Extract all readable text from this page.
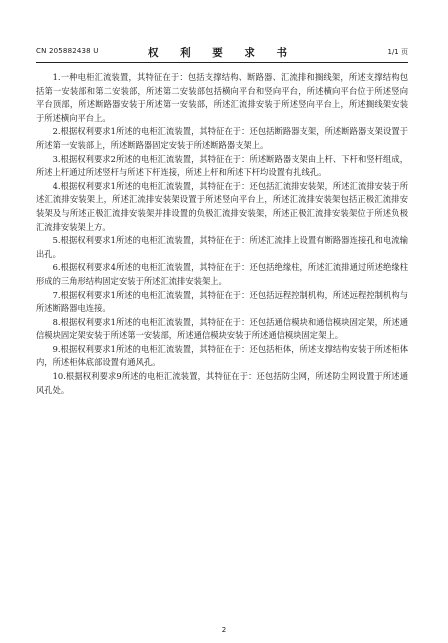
CN 205882438 U	权 利 要 求 书	1/1 页

1.一种电柜汇流装置，其特征在于：包括支撑结构、断路器、汇流排和搁线架，所述支撑结构包括第一安装部和第二安装部，所述第二安装部包括横向平台和竖向平台，所述横向平台位于所述竖向平台顶部，所述断路器安装于所述第一安装部，所述汇流排安装于所述竖向平台上，所述搁线架安装于所述横向平台上。

2.根据权利要求1所述的电柜汇流装置，其特征在于：还包括断路器支架，所述断路器支架设置于所述第一安装部上，所述断路器固定安装于所述断路器支架上。

3.根据权利要求2所述的电柜汇流装置，其特征在于：所述断路器支架由上杆、下杆和竖杆组成，所述上杆通过所述竖杆与所述下杆连接，所述上杆和所述下杆均设置有扎线孔。

4.根据权利要求1所述的电柜汇流装置，其特征在于：还包括汇流排安装架，所述汇流排安装于所述汇流排安装架上，所述汇流排安装架设置于所述竖向平台上，所述汇流排安装架包括正极汇流排安装架及与所述正极汇流排安装架并排设置的负极汇流排安装架，所述正极汇流排安装架位于所述负极汇流排安装架上方。

5.根据权利要求1所述的电柜汇流装置，其特征在于：所述汇流排上设置有断路器连接孔和电流输出孔。

6.根据权利要求4所述的电柜汇流装置，其特征在于：还包括绝缘柱，所述汇流排通过所述绝缘柱形成的三角形结构固定安装于所述汇流排安装架上。

7.根据权利要求1所述的电柜汇流装置，其特征在于：还包括远程控制机构，所述远程控制机构与所述断路器电连接。

8.根据权利要求1所述的电柜汇流装置，其特征在于：还包括通信模块和通信模块固定架，所述通信模块固定架安装于所述第一安装部，所述通信模块安装于所述通信模块固定架上。

9.根据权利要求1所述的电柜汇流装置，其特征在于：还包括柜体，所述支撑结构安装于所述柜体内，所述柜体底部设置有通风孔。

10.根据权利要求9所述的电柜汇流装置，其特征在于：还包括防尘网，所述防尘网设置于所述通风孔处。

2
